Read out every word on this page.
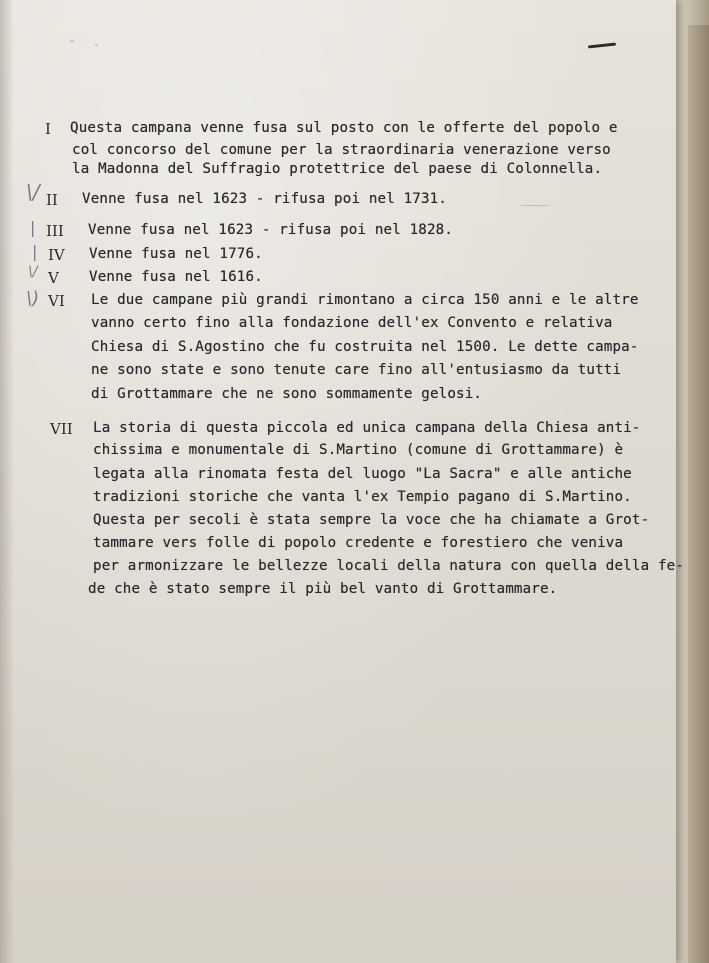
\/
|
|
\/
\)
I Questa campana venne fusa sul posto con le offerte del popolo e
col concorso del comune per la straordinaria venerazione verso
la Madonna del Suffragio protettrice del paese di Colonnella.
II Venne fusa nel 1623 - rifusa poi nel 1731.
III Venne fusa nel 1623 - rifusa poi nel 1828.
IV Venne fusa nel 1776.
V Venne fusa nel 1616.
VI Le due campane più grandi rimontano a circa 150 anni e le altre
vanno certo fino alla fondazione dell'ex Convento e relativa
Chiesa di S.Agostino che fu costruita nel 1500. Le dette campa-
ne sono state e sono tenute care fino all'entusiasmo da tutti
di Grottammare che ne sono sommamente gelosi.
VII La storia di questa piccola ed unica campana della Chiesa anti-
chissima e monumentale di S.Martino (comune di Grottammare) è
legata alla rinomata festa del luogo "La Sacra" e alle antiche
tradizioni storiche che vanta l'ex Tempio pagano di S.Martino.
Questa per secoli è stata sempre la voce che ha chiamate a Grot-
tammare vers folle di popolo credente e forestiero che veniva
per armonizzare le bellezze locali della natura con quella della fe-
de che è stato sempre il più bel vanto di Grottammare.
